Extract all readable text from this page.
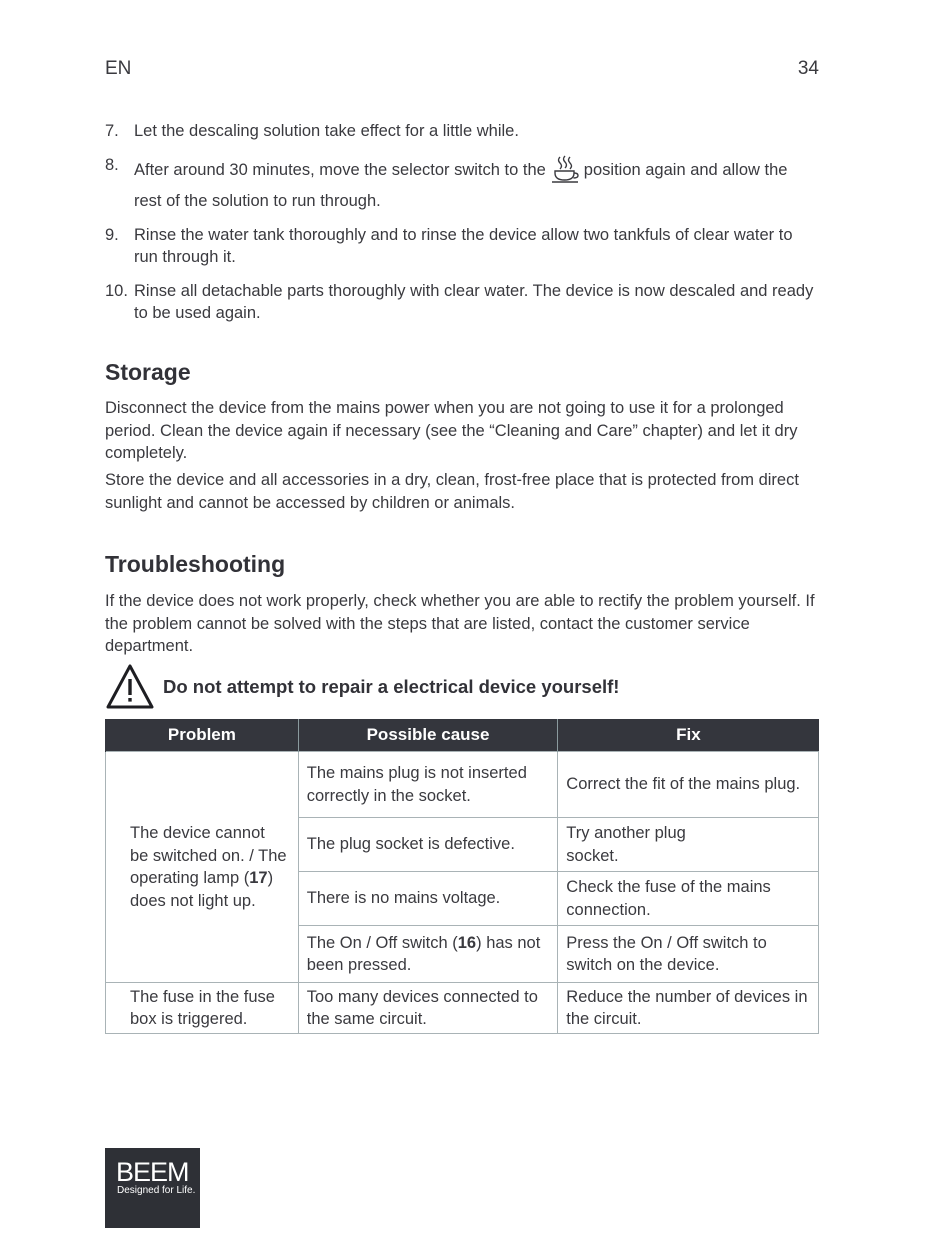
EN	34
7. Let the descaling solution take effect for a little while.
8. After around 30 minutes, move the selector switch to the position again and allow the rest of the solution to run through.
9. Rinse the water tank thoroughly and to rinse the device allow two tankfuls of clear water to run through it.
10. Rinse all detachable parts thoroughly with clear water. The device is now descaled and ready to be used again.
Storage

Disconnect the device from the mains power when you are not going to use it for a prolonged period. Clean the device again if necessary (see the “Cleaning and Care” chapter) and let it dry completely.

Store the device and all accessories in a dry, clean, frost-free place that is protected from direct sunlight and cannot be accessed by children or animals.

Troubleshooting

If the device does not work properly, check whether you are able to rectify the problem yourself. If the problem cannot be solved with the steps that are listed, contact the customer service department.

Do not attempt to repair a electrical device yourself!
Problem	Possible cause	Fix
The device cannot be switched on. / The operating lamp (17) does not light up.	The mains plug is not inserted correctly in the socket.	Correct the fit of the mains plug.
	The plug socket is defective.	Try another plug socket.
	There is no mains voltage.	Check the fuse of the mains connection.
	The On / Off switch (16) has not been pressed.	Press the On / Off switch to switch on the device.
The fuse in the fuse box is triggered.	Too many devices connected to the same circuit.	Reduce the number of devices in the circuit.
BEEM
Designed for Life.
